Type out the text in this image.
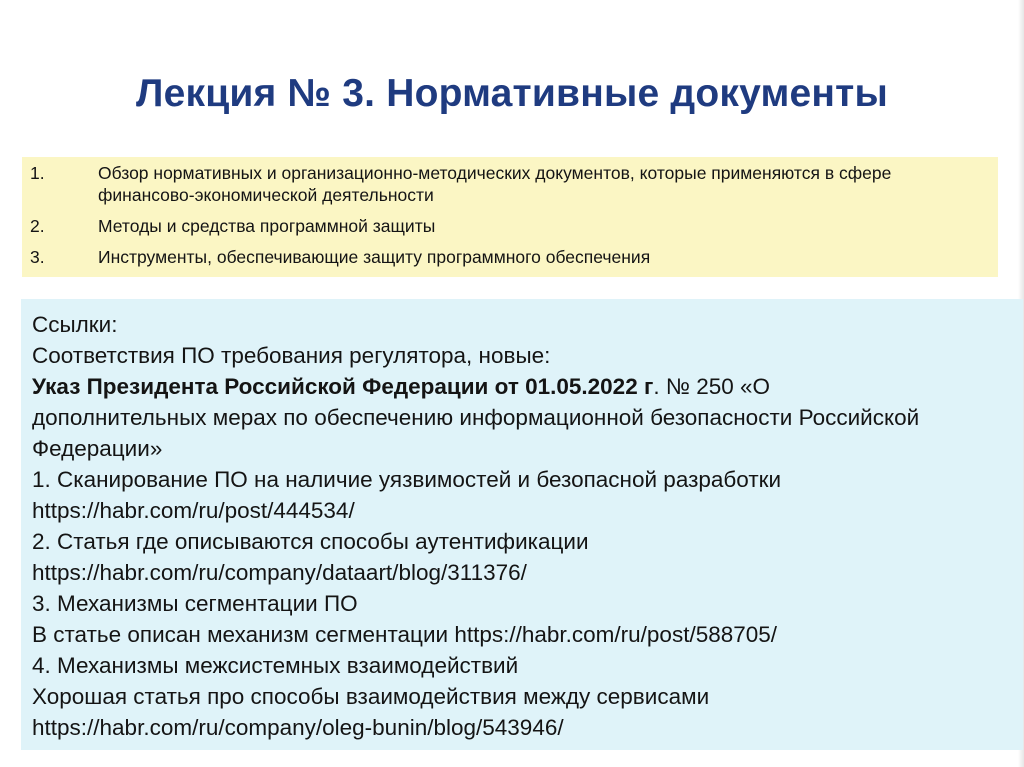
Лекция № 3. Нормативные документы
1.	Обзор нормативных и организационно-методических документов, которые применяются в сфере финансово-экономической деятельности
2.	Методы и средства программной защиты
3.	Инструменты, обеспечивающие защиту программного обеспечения
Ссылки:
Соответствия ПО требования регулятора, новые:
Указ Президента Российской Федерации от 01.05.2022 г. № 250 «О дополнительных мерах по обеспечению информационной безопасности Российской Федерации»
1. Сканирование ПО на наличие уязвимостей и безопасной разработки
https://habr.com/ru/post/444534/
2. Статья где описываются способы аутентификации
https://habr.com/ru/company/dataart/blog/311376/
3. Механизмы сегментации ПО
В статье описан механизм сегментации https://habr.com/ru/post/588705/
4. Механизмы межсистемных взаимодействий
Хорошая статья про способы взаимодействия между сервисами
https://habr.com/ru/company/oleg-bunin/blog/543946/
